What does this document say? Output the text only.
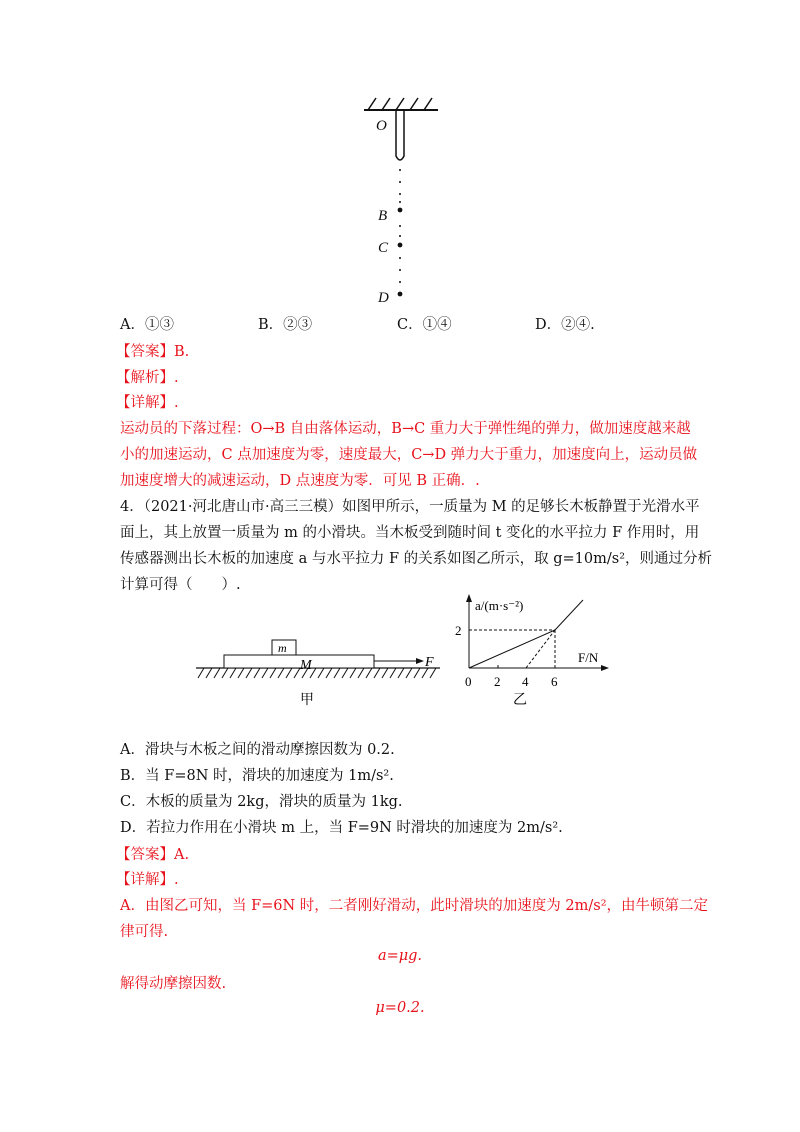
O
B
C
D
A．①③	B．②③	C．①④	D．②④.
【答案】B.
【解析】.
【详解】.
运动员的下落过程：O→B 自由落体运动，B→C 重力大于弹性绳的弹力，做加速度越来越
小的加速运动，C 点加速度为零，速度最大，C→D 弹力大于重力，加速度向上，运动员做
加速度增大的减速运动，D 点速度为零．可见 B 正确．.
4．（2021·河北唐山市·高三三模）如图甲所示，一质量为 M 的足够长木板静置于光滑水平
面上，其上放置一质量为 m 的小滑块。当木板受到随时间 t 变化的水平拉力 F 作用时，用
传感器测出长木板的加速度 a 与水平拉力 F 的关系如图乙所示，取 g=10m/s²，则通过分析
计算可得（　　）.
m
M	F
甲
a/(m·s⁻²)
F/N
2
0 2 4 6
乙
A．滑块与木板之间的滑动摩擦因数为 0.2.
B．当 F=8N 时，滑块的加速度为 1m/s².
C．木板的质量为 2kg，滑块的质量为 1kg.
D．若拉力作用在小滑块 m 上，当 F=9N 时滑块的加速度为 2m/s².
【答案】A.
【详解】.
A．由图乙可知，当 F=6N 时，二者刚好滑动，此时滑块的加速度为 2m/s²，由牛顿第二定
律可得.
a=μg.
解得动摩擦因数.
μ=0.2.
